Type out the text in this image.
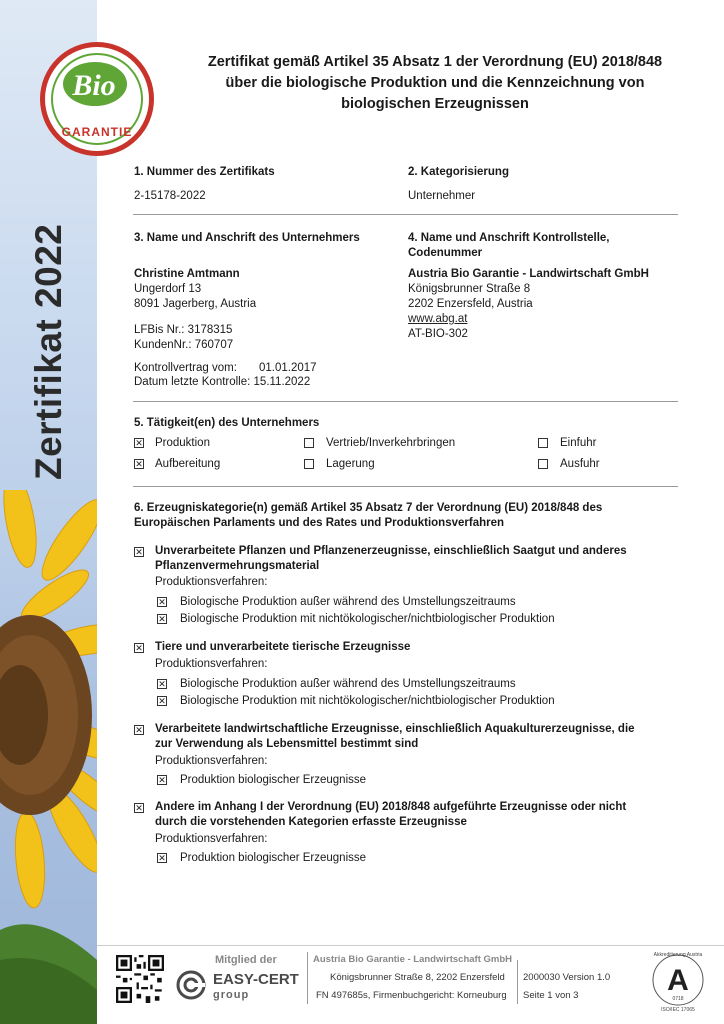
Zertifikat 2022
Bio
GARANTIE
Zertifikat gemäß Artikel 35 Absatz 1 der Verordnung (EU) 2018/848
über die biologische Produktion und die Kennzeichnung von
biologischen Erzeugnissen
1. Nummer des Zertifikats
2-15178-2022
2. Kategorisierung
Unternehmer
3. Name und Anschrift des Unternehmers
Christine Amtmann
Ungerdorf 13
8091 Jagerberg, Austria
LFBis Nr.: 3178315
KundenNr.: 760707
Kontrollvertrag vom: 01.01.2017
Datum letzte Kontrolle: 15.11.2022
4. Name und Anschrift Kontrollstelle,
Codenummer
Austria Bio Garantie - Landwirtschaft GmbH
Königsbrunner Straße 8
2202 Enzersfeld, Austria
www.abg.at
AT-BIO-302
5. Tätigkeit(en) des Unternehmers
✕ Produktion	Vertrieb/Inverkehrbringen	Einfuhr
✕ Aufbereitung	Lagerung	Ausfuhr
6. Erzeugniskategorie(n) gemäß Artikel 35 Absatz 7 der Verordnung (EU) 2018/848 des
Europäischen Parlaments und des Rates und Produktionsverfahren
✕ Unverarbeitete Pflanzen und Pflanzenerzeugnisse, einschließlich Saatgut und anderes
Pflanzenvermehrungsmaterial
Produktionsverfahren:
✕ Biologische Produktion außer während des Umstellungszeitraums
✕ Biologische Produktion mit nichtökologischer/nichtbiologischer Produktion
✕ Tiere und unverarbeitete tierische Erzeugnisse
Produktionsverfahren:
✕ Biologische Produktion außer während des Umstellungszeitraums
✕ Biologische Produktion mit nichtökologischer/nichtbiologischer Produktion
✕ Verarbeitete landwirtschaftliche Erzeugnisse, einschließlich Aquakulturerzeugnisse, die
zur Verwendung als Lebensmittel bestimmt sind
Produktionsverfahren:
✕ Produktion biologischer Erzeugnisse
✕ Andere im Anhang I der Verordnung (EU) 2018/848 aufgeführte Erzeugnisse oder nicht
durch die vorstehenden Kategorien erfasste Erzeugnisse
Produktionsverfahren:
✕ Produktion biologischer Erzeugnisse
Mitglied der
EASY-CERT
group
Austria Bio Garantie - Landwirtschaft GmbH
Königsbrunner Straße 8, 2202 Enzersfeld
FN 497685s, Firmenbuchgericht: Korneuburg
2000030 Version 1.0
Seite 1 von 3
Akkreditierung Austria
A
0718
ISO/IEC 17065
